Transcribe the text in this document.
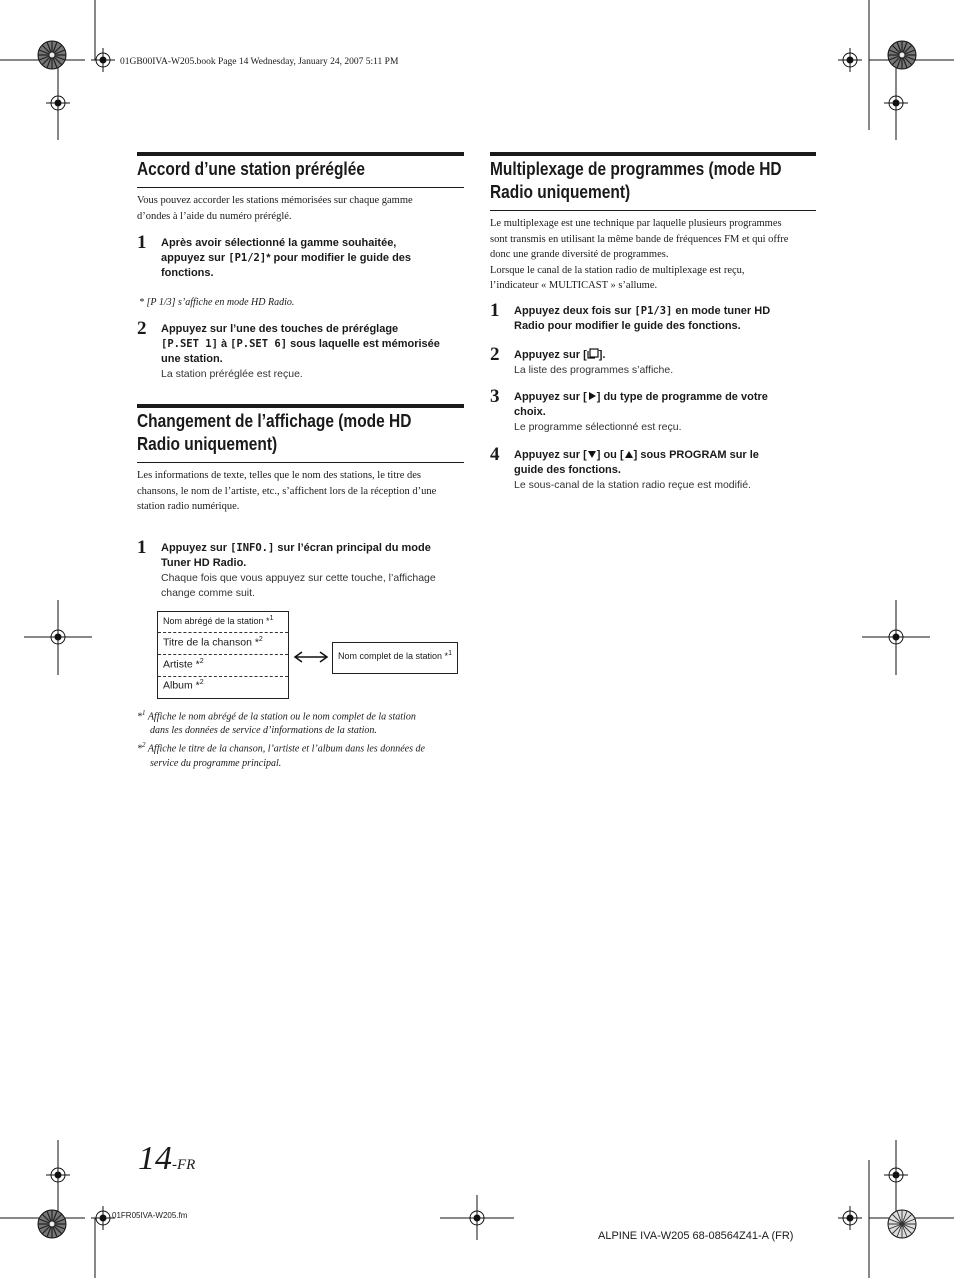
01GB00IVA-W205.book Page 14 Wednesday, January 24, 2007 5:11 PM
Accord d’une station préréglée
Vous pouvez accorder les stations mémorisées sur chaque gamme
d’ondes à l’aide du numéro préréglé.
1 Après avoir sélectionné la gamme souhaitée,
appuyez sur [P1/2]* pour modifier le guide des
fonctions.
* [P 1/3] s’affiche en mode HD Radio.
2 Appuyez sur l’une des touches de préréglage
[P.SET 1] à [P.SET 6] sous laquelle est mémorisée
une station.
La station préréglée est reçue.
Changement de l’affichage (mode HD
Radio uniquement)
Les informations de texte, telles que le nom des stations, le titre des
chansons, le nom de l’artiste, etc., s’affichent lors de la réception d’une
station radio numérique.
1 Appuyez sur [INFO.] sur l’écran principal du mode
Tuner HD Radio.
Chaque fois que vous appuyez sur cette touche, l’affichage
change comme suit.
Nom abrégé de la station *$^1$
Titre de la chanson *$^2$
Artiste *$^2$
Album *$^2$
Nom complet de la station *$^1$
*$^1$ Affiche le nom abrégé de la station ou le nom complet de la station
dans les données de service d’informations de la station.
*$^2$ Affiche le titre de la chanson, l’artiste et l’album dans les données de
service du programme principal.
Multiplexage de programmes (mode HD
Radio uniquement)
Le multiplexage est une technique par laquelle plusieurs programmes
sont transmis en utilisant la même bande de fréquences FM et qui offre
donc une grande diversité de programmes.
Lorsque le canal de la station radio de multiplexage est reçu,
l’indicateur « MULTICAST » s’allume.
1 Appuyez deux fois sur [P1/3] en mode tuner HD
Radio pour modifier le guide des fonctions.
2 Appuyez sur [ ].
La liste des programmes s’affiche.
3 Appuyez sur [ ] du type de programme de votre
choix.
Le programme sélectionné est reçu.
4 Appuyez sur [ ] ou [ ] sous PROGRAM sur le
guide des fonctions.
Le sous-canal de la station radio reçue est modifié.
14-FR
01FR05IVA-W205.fm
ALPINE IVA-W205 68-08564Z41-A (FR)
